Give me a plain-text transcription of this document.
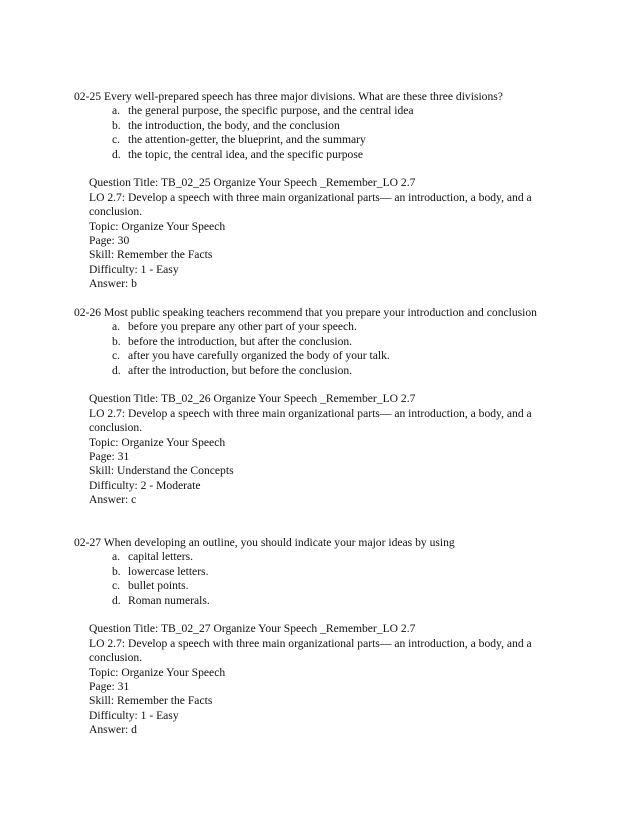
02-25 Every well-prepared speech has three major divisions. What are these three divisions?

a. the general purpose, the specific purpose, and the central idea
b. the introduction, the body, and the conclusion
c. the attention-getter, the blueprint, and the summary
d. the topic, the central idea, and the specific purpose
Question Title: TB_02_25 Organize Your Speech _Remember_LO 2.7
LO 2.7: Develop a speech with three main organizational parts— an introduction, a body, and a conclusion.
Topic: Organize Your Speech
Page: 30
Skill: Remember the Facts
Difficulty: 1 - Easy
Answer: b

02-26 Most public speaking teachers recommend that you prepare your introduction and conclusion

a. before you prepare any other part of your speech.
b. before the introduction, but after the conclusion.
c. after you have carefully organized the body of your talk.
d. after the introduction, but before the conclusion.
Question Title: TB_02_26 Organize Your Speech _Remember_LO 2.7
LO 2.7: Develop a speech with three main organizational parts— an introduction, a body, and a conclusion.
Topic: Organize Your Speech
Page: 31
Skill: Understand the Concepts
Difficulty: 2 - Moderate
Answer: c

02-27 When developing an outline, you should indicate your major ideas by using

a. capital letters.
b. lowercase letters.
c. bullet points.
d. Roman numerals.
Question Title: TB_02_27 Organize Your Speech _Remember_LO 2.7
LO 2.7: Develop a speech with three main organizational parts— an introduction, a body, and a conclusion.
Topic: Organize Your Speech
Page: 31
Skill: Remember the Facts
Difficulty: 1 - Easy
Answer: d
